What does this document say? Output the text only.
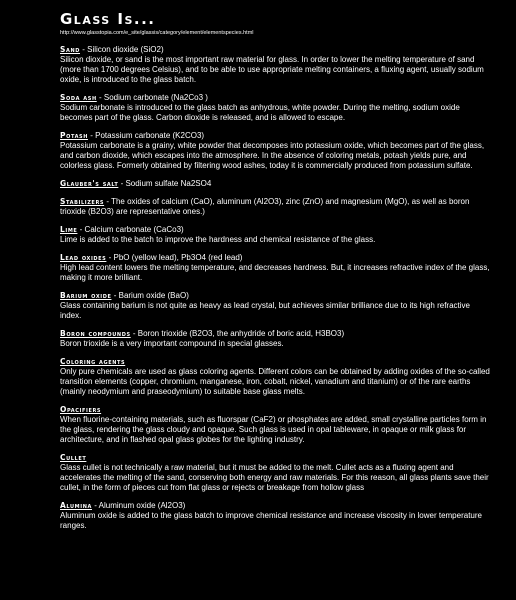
Glass Is...
http://www.glasstopia.com/e_site/glassis/category/element/elementspecies.html
Sand - Silicon dioxide (SiO2)
Silicon dioxide, or sand is the most important raw material for glass. In order to lower the melting temperature of sand (more than 1700 degrees Celsius), and to be able to use appropriate melting containers, a fluxing agent, usually sodium oxide, is introduced to the glass batch.
Soda ash - Sodium carbonate (Na2Co3 )
Sodium carbonate is introduced to the glass batch as anhydrous, white powder. During the melting, sodium oxide becomes part of the glass. Carbon dioxide is released, and is allowed to escape.
Potash - Potassium carbonate (K2CO3)
Potassium carbonate is a grainy, white powder that decomposes into potassium oxide, which becomes part of the glass, and carbon dioxide, which escapes into the atmosphere. In the absence of coloring metals, potash yields pure, and colorless glass. Formerly obtained by filtering wood ashes, today it is commercially produced from potassium sulfate.
Glauber's salt - Sodium sulfate Na2SO4
Stabilizers - The oxides of calcium (CaO), aluminum (Al2O3), zinc (ZnO) and magnesium (MgO), as well as boron trioxide (B2O3) are representative ones.)
Lime - Calcium carbonate (CaCo3)
Lime is added to the batch to improve the hardness and chemical resistance of the glass.
Lead oxides - PbO (yellow lead), Pb3O4 (red lead)
High lead content lowers the melting temperature, and decreases hardness. But, it increases refractive index of the glass, making it more brilliant.
Barium oxide - Barium oxide (BaO)
Glass containing barium is not quite as heavy as lead crystal, but achieves similar brilliance due to its high refractive index.
Boron compounds - Boron trioxide (B2O3, the anhydride of boric acid, H3BO3)
Boron trioxide is a very important compound in special glasses.
Coloring agents
Only pure chemicals are used as glass coloring agents. Different colors can be obtained by adding oxides of the so-called transition elements (copper, chromium, manganese, iron, cobalt, nickel, vanadium and titanium) or of the rare earths (mainly neodymium and praseodymium) to suitable base glass melts.
Opacifiers
When fluorine-containing materials, such as fluorspar (CaF2) or phosphates are added, small crystalline particles form in the glass, rendering the glass cloudy and opaque. Such glass is used in opal tableware, in opaque or milk glass for architecture, and in flashed opal glass globes for the lighting industry.
Cullet
Glass cullet is not technically a raw material, but it must be added to the melt. Cullet acts as a fluxing agent and accelerates the melting of the sand, conserving both energy and raw materials. For this reason, all glass plants save their cullet, in the form of pieces cut from flat glass or rejects or breakage from hollow glass
Alumina - Aluminum oxide (Al2O3)
Aluminum oxide is added to the glass batch to improve chemical resistance and increase viscosity in lower temperature ranges.
